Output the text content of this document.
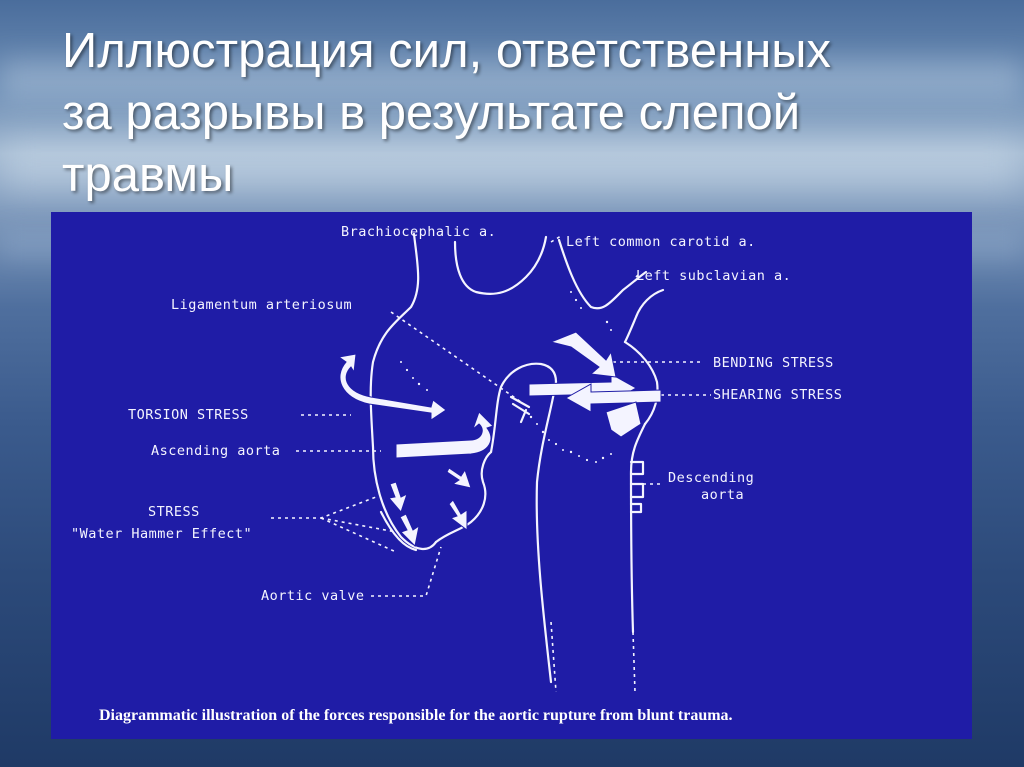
Иллюстрация сил, ответственных
за разрывы в результате слепой
травмы
Brachiocephalic a.
Left common carotid a.
Left subclavian a.
Ligamentum arteriosum
BENDING STRESS
SHEARING STRESS
TORSION STRESS
Ascending aorta
Descending
aorta
STRESS
"Water Hammer Effect"
Aortic valve
Diagrammatic illustration of the forces responsible for the aortic rupture from blunt trauma.
